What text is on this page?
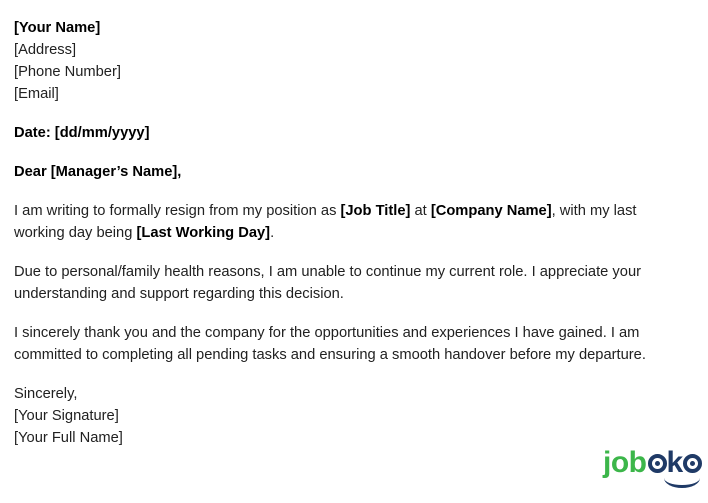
[Your Name]
[Address]
[Phone Number]
[Email]

Date: [dd/mm/yyyy]

Dear [Manager’s Name],

I am writing to formally resign from my position as [Job Title] at [Company Name], with my last working day being [Last Working Day].

Due to personal/family health reasons, I am unable to continue my current role. I appreciate your understanding and support regarding this decision.

I sincerely thank you and the company for the opportunities and experiences I have gained. I am committed to completing all pending tasks and ensuring a smooth handover before my departure.

Sincerely,
[Your Signature]
[Your Full Name]

job k
